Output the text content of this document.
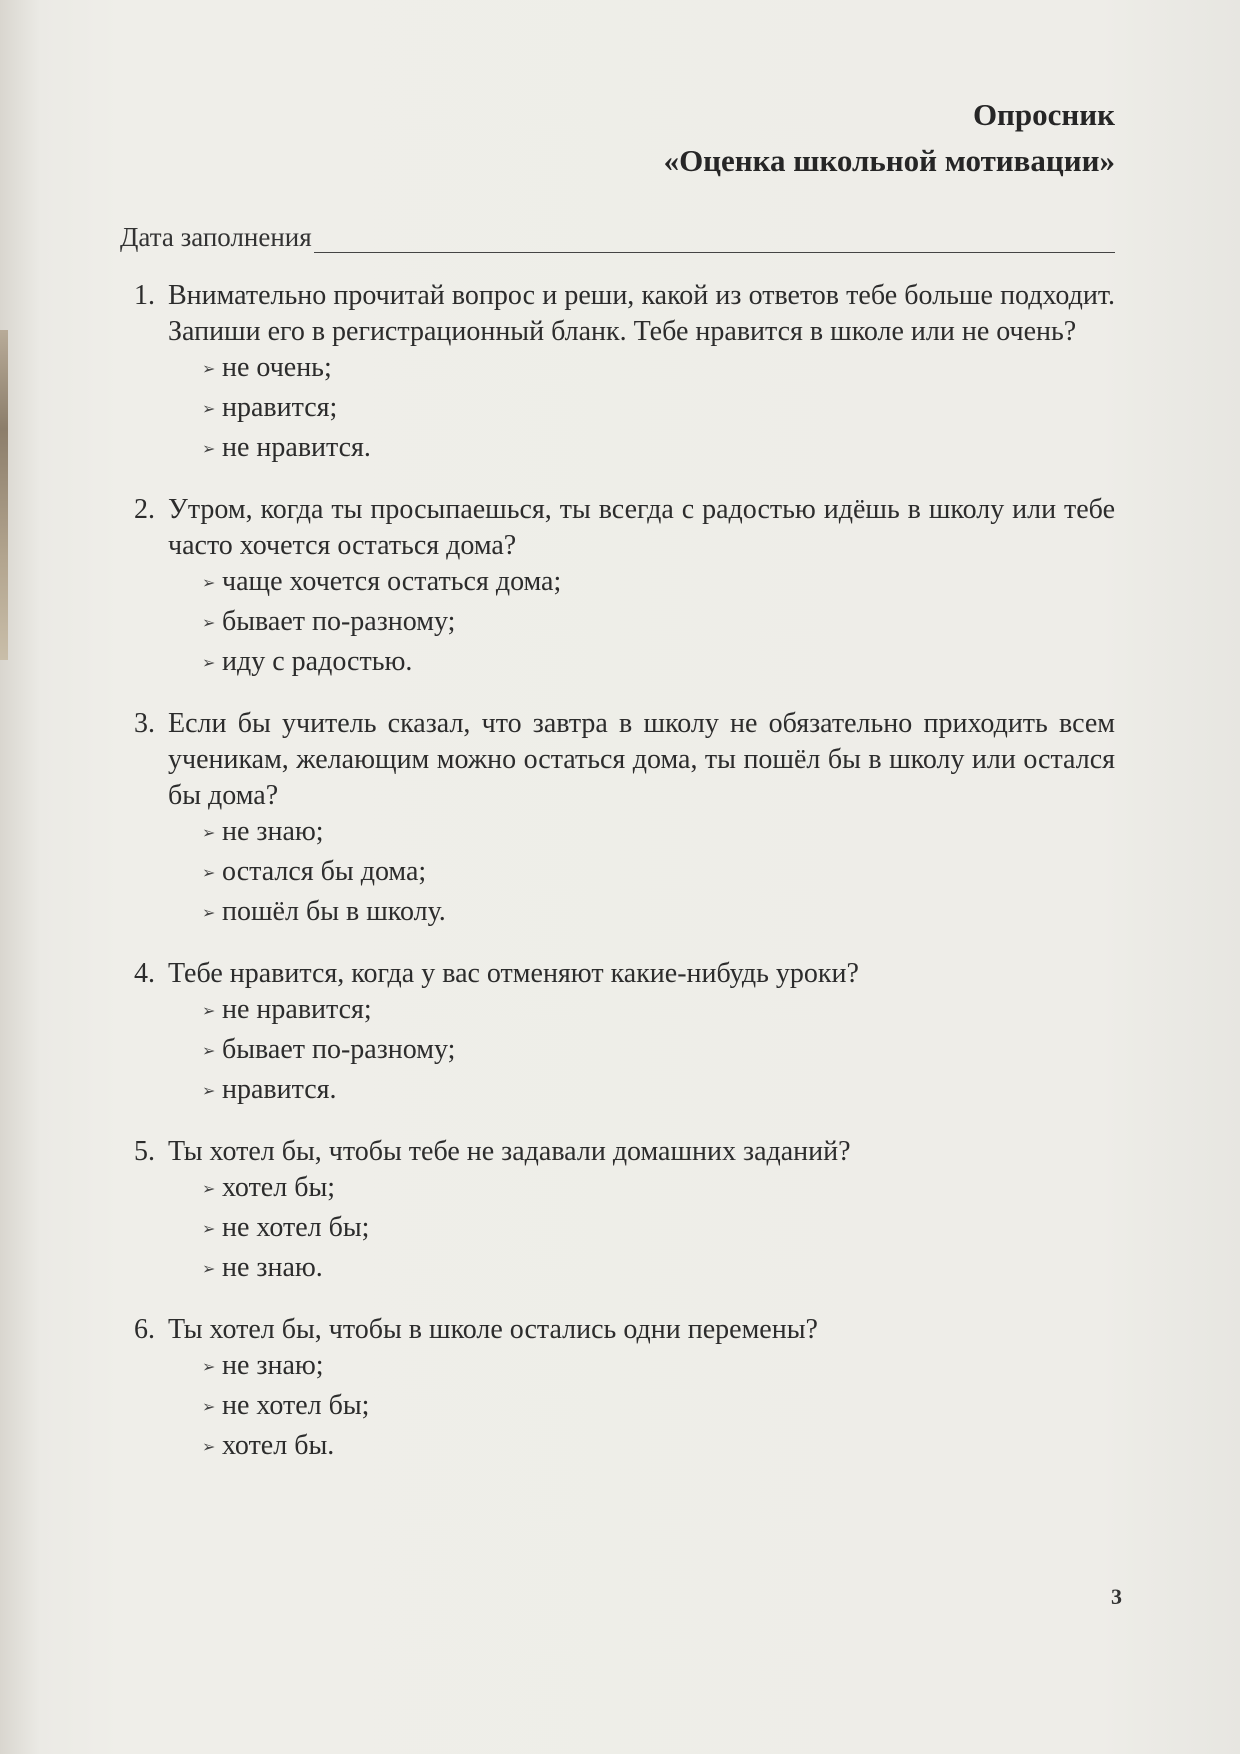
Опросник
«Оценка школьной мотивации»
Дата заполнения
1. Внимательно прочитай вопрос и реши, какой из ответов тебе больше подходит. Запиши его в регистрационный бланк. Тебе нравится в школе или не очень?
➢ не очень;
➢ нравится;
➢ не нравится.
2. Утром, когда ты просыпаешься, ты всегда с радостью идёшь в школу или тебе часто хочется остаться дома?
➢ чаще хочется остаться дома;
➢ бывает по-разному;
➢ иду с радостью.
3. Если бы учитель сказал, что завтра в школу не обязательно приходить всем ученикам, желающим можно остаться дома, ты пошёл бы в школу или остался бы дома?
➢ не знаю;
➢ остался бы дома;
➢ пошёл бы в школу.
4. Тебе нравится, когда у вас отменяют какие-нибудь уроки?
➢ не нравится;
➢ бывает по-разному;
➢ нравится.
5. Ты хотел бы, чтобы тебе не задавали домашних заданий?
➢ хотел бы;
➢ не хотел бы;
➢ не знаю.
6. Ты хотел бы, чтобы в школе остались одни перемены?
➢ не знаю;
➢ не хотел бы;
➢ хотел бы.
3
